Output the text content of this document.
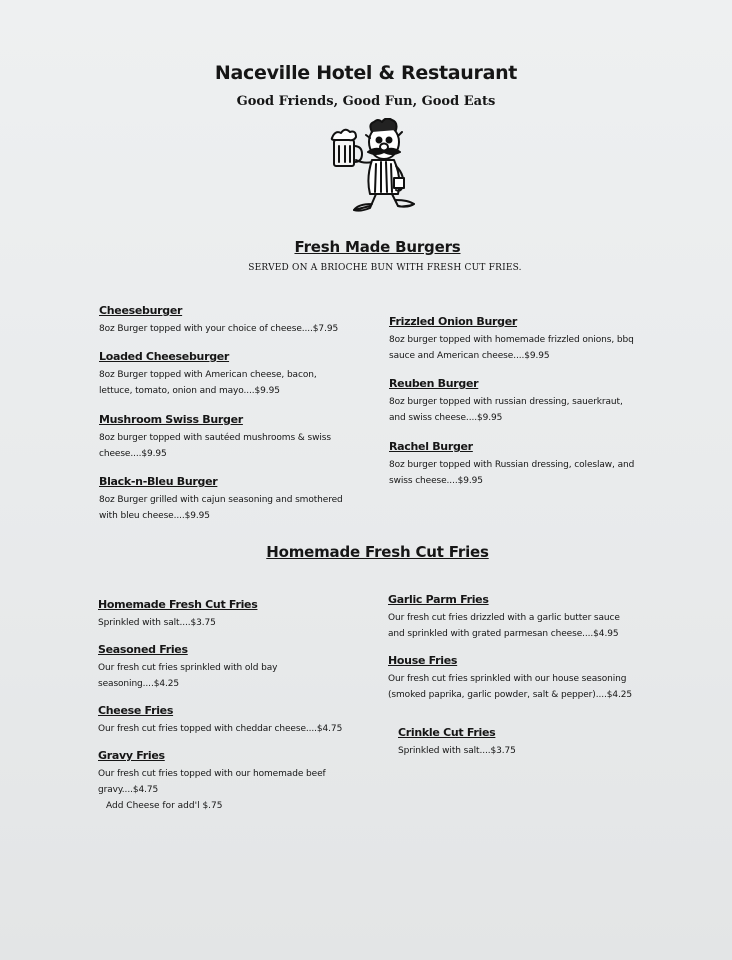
Naceville Hotel & Restaurant
Good Friends, Good Fun, Good Eats
Fresh Made Burgers
SERVED ON A BRIOCHE BUN WITH FRESH CUT FRIES.
Cheeseburger
8oz Burger topped with your choice of cheese....$7.95
Loaded Cheeseburger
8oz Burger topped with American cheese, bacon, lettuce, tomato, onion and mayo....$9.95
Mushroom Swiss Burger
8oz burger topped with sautéed mushrooms & swiss cheese....$9.95
Black-n-Bleu Burger
8oz Burger grilled with cajun seasoning and smothered with bleu cheese....$9.95
Frizzled Onion Burger
8oz burger topped with homemade frizzled onions, bbq sauce and American cheese....$9.95
Reuben Burger
8oz burger topped with russian dressing, sauerkraut, and swiss cheese....$9.95
Rachel Burger
8oz burger topped with Russian dressing, coleslaw, and swiss cheese....$9.95
Homemade Fresh Cut Fries
Homemade Fresh Cut Fries
Sprinkled with salt....$3.75
Seasoned Fries
Our fresh cut fries sprinkled with old bay seasoning....$4.25
Cheese Fries
Our fresh cut fries topped with cheddar cheese....$4.75
Gravy Fries
Our fresh cut fries topped with our homemade beef gravy....$4.75
Add Cheese for add'l $.75
Garlic Parm Fries
Our fresh cut fries drizzled with a garlic butter sauce and sprinkled with grated parmesan cheese....$4.95
House Fries
Our fresh cut fries sprinkled with our house seasoning (smoked paprika, garlic powder, salt & pepper)....$4.25
Crinkle Cut Fries
Sprinkled with salt....$3.75
